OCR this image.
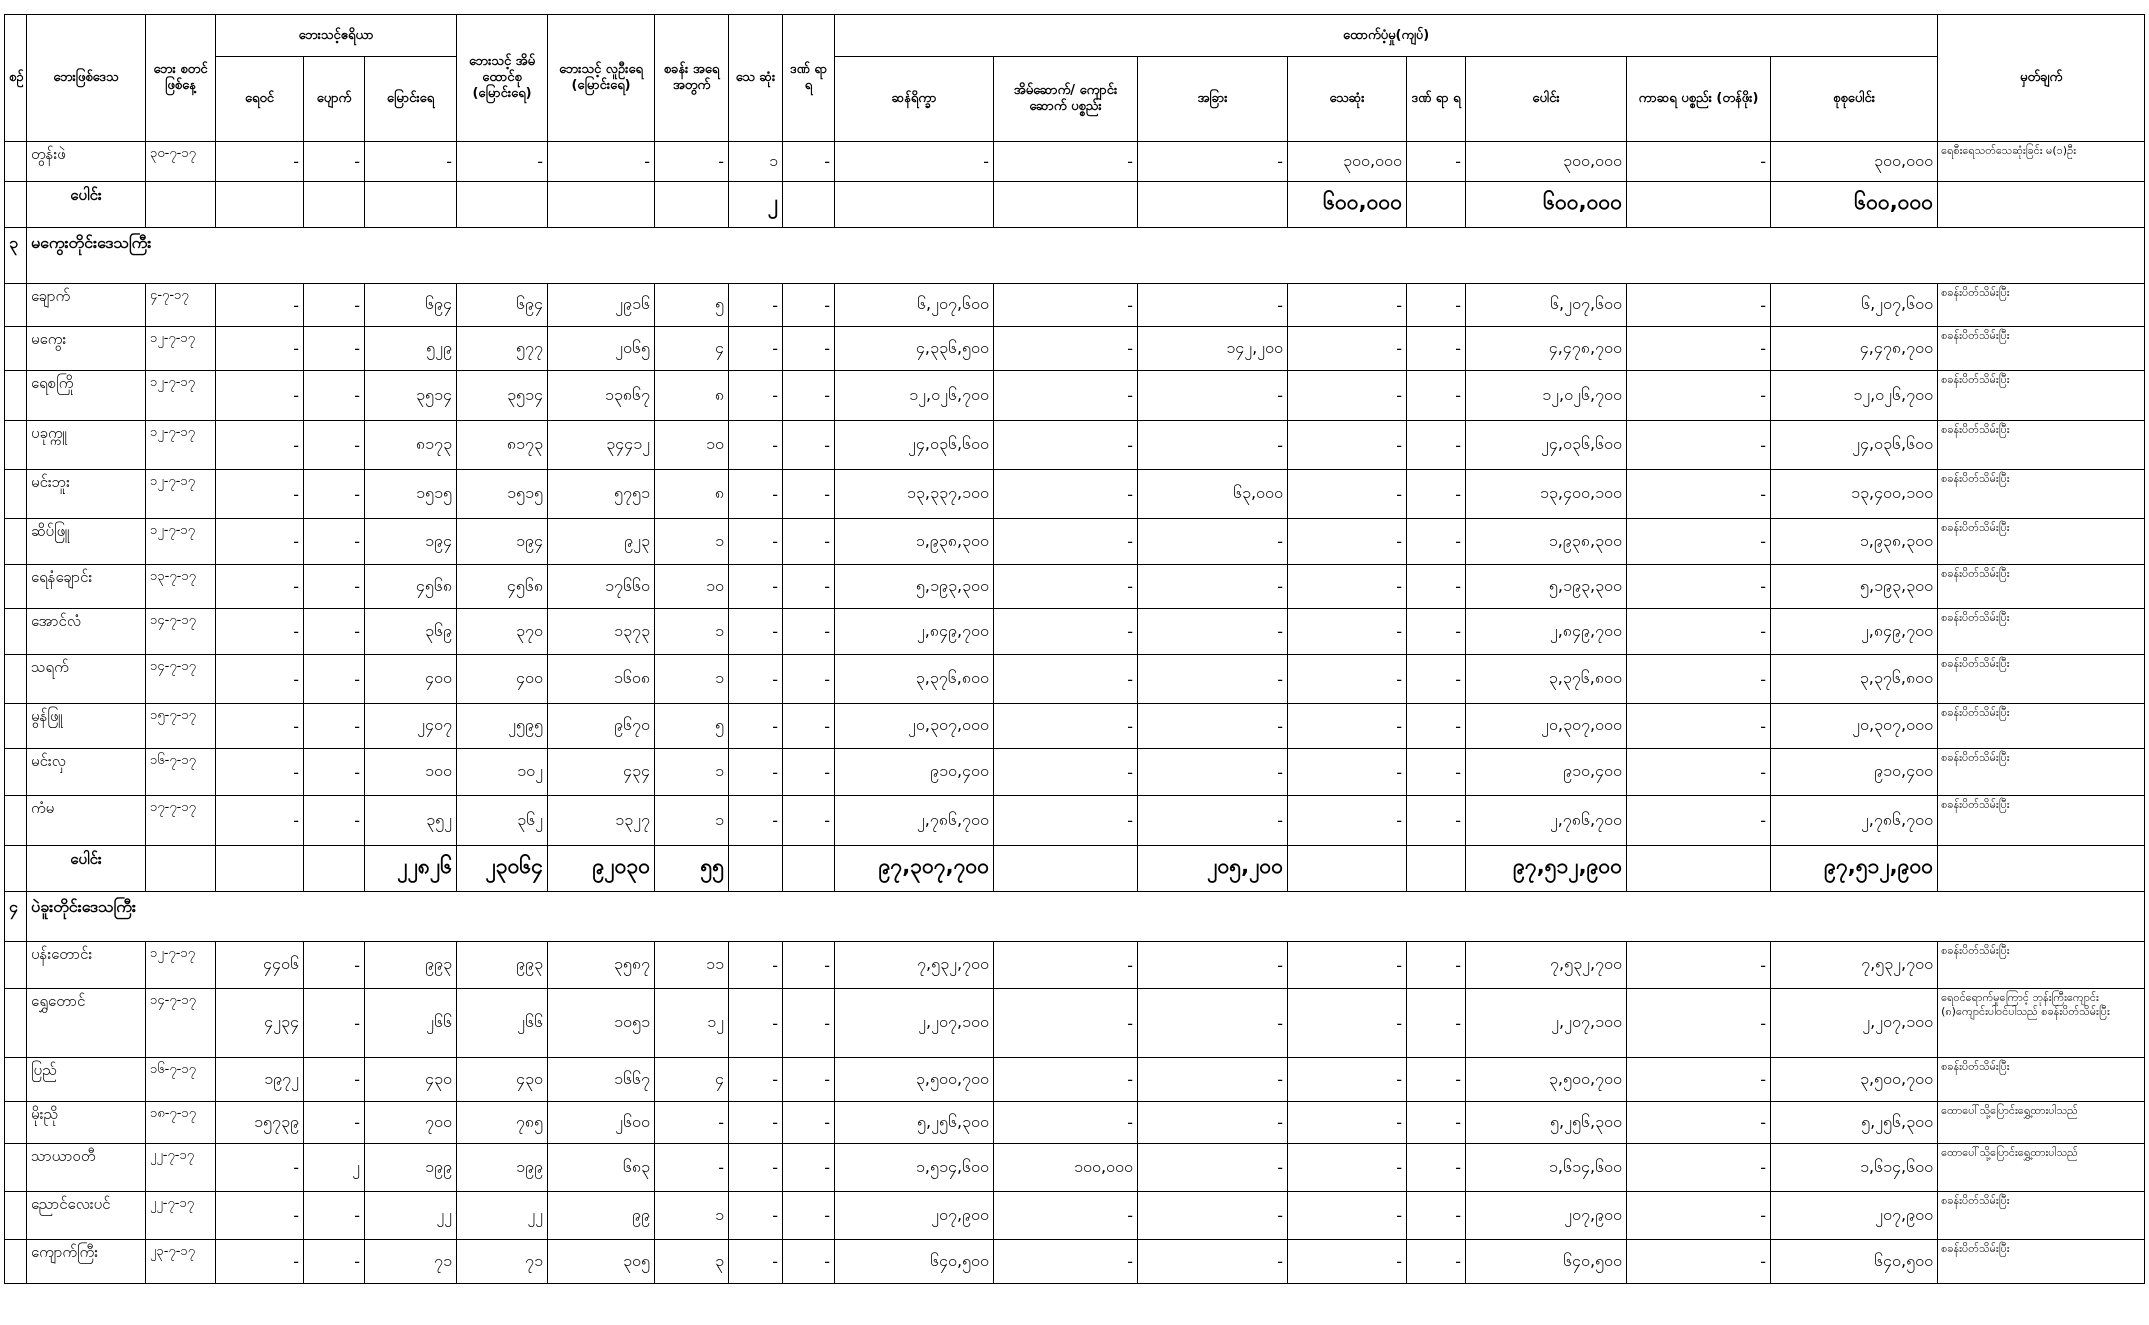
စဥ်	ဘေးဖြစ်ဒေသ	ဘေး စတင် ဖြစ်နေ့	ဘေးသင့်ဧရိယာ			ဘေးသင့် အိမ် ထောင်စု (မြောင်းရေ)	ဘေးသင့် လူဦးရေ (မြောင်းရေ)	စခန်း အရေ အတွက်	သေ ဆုံး	ဒဏ် ရာ ရ	ထောက်ပံ့မှု(ကျပ်)								မှတ်ချက်
			ရေဝင်	ပျောက်	မြောင်းရေ						ဆန်ရိက္ခာ	အိမ်ဆောက်/ ကျောင်းဆောက် ပစ္စည်း	အခြား	သေဆုံး	ဒဏ် ရာ ရ	ပေါင်း	ကာဆရ ပစ္စည်း (တန်ဖိုး)	စုစုပေါင်း	
	တွန်းဖဲ	၃၀-၇-၁၇	-	-	-	-	-	-	၁	-	-	-	-	၃၀၀,၀၀၀	-	၃၀၀,၀၀၀	-	၃၀၀,၀၀၀	ရေစီးရေသတ်သေဆုံးခြင်း မ(၁)ဦး
	ပေါင်း								၂					၆၀၀,၀၀၀		၆၀၀,၀၀၀		၆၀၀,၀၀၀	
၃	မကွေးတိုင်းဒေသကြီး																		
	ချောက်	၄-၇-၁၇	-	-	၆၉၄	၆၉၄	၂၉၁၆	၅	-	-	၆,၂၀၇,၆၀၀	-	-	-	-	၆,၂၀၇,၆၀၀	-	၆,၂၀၇,၆၀၀	စခန်းပိတ်သိမ်းပြီး
	မကွေး	၁၂-၇-၁၇	-	-	၅၂၉	၅၇၇	၂၀၆၅	၄	-	-	၄,၃၃၆,၅၀၀	-	၁၄၂,၂၀၀	-	-	၄,၄၇၈,၇၀၀	-	၄,၄၇၈,၇၀၀	စခန်းပိတ်သိမ်းပြီး
	ရေစကြို	၁၂-၇-၁၇	-	-	၃၅၁၄	၃၅၁၄	၁၃၈၆၇	၈	-	-	၁၂,၀၂၆,၇၀၀	-	-	-	-	၁၂,၀၂၆,၇၀၀	-	၁၂,၀၂၆,၇၀၀	စခန်းပိတ်သိမ်းပြီး
	ပခုက္ကူ	၁၂-၇-၁၇	-	-	၈၁၇၃	၈၁၇၃	၃၄၄၁၂	၁၀	-	-	၂၄,၀၃၆,၆၀၀	-	-	-	-	၂၄,၀၃၆,၆၀၀	-	၂၄,၀၃၆,၆၀၀	စခန်းပိတ်သိမ်းပြီး
	မင်းဘူး	၁၂-၇-၁၇	-	-	၁၅၁၅	၁၅၁၅	၅၇၅၁	၈	-	-	၁၃,၃၃၇,၁၀၀	-	၆၃,၀၀၀	-	-	၁၃,၄၀၀,၁၀၀	-	၁၃,၄၀၀,၁၀၀	စခန်းပိတ်သိမ်းပြီး
	ဆိပ်ဖြူ	၁၂-၇-၁၇	-	-	၁၉၄	၁၉၄	၉၂၃	၁	-	-	၁,၉၃၈,၃၀၀	-	-	-	-	၁,၉၃၈,၃၀၀	-	၁,၉၃၈,၃၀၀	စခန်းပိတ်သိမ်းပြီး
	ရေနံချောင်း	၁၃-၇-၁၇	-	-	၄၅၆၈	၄၅၆၈	၁၇၆၆၀	၁၀	-	-	၅,၁၉၃,၃၀၀	-	-	-	-	၅,၁၉၃,၃၀၀	-	၅,၁၉၃,၃၀၀	စခန်းပိတ်သိမ်းပြီး
	အောင်လံ	၁၄-၇-၁၇	-	-	၃၆၉	၃၇၀	၁၃၇၃	၁	-	-	၂,၈၄၉,၇၀၀	-	-	-	-	၂,၈၄၉,၇၀၀	-	၂,၈၄၉,၇၀၀	စခန်းပိတ်သိမ်းပြီး
	သရက်	၁၄-၇-၁၇	-	-	၄၀၀	၄၀၀	၁၆၀၈	၁	-	-	၃,၃၇၆,၈၀၀	-	-	-	-	၃,၃၇၆,၈၀၀	-	၃,၃၇၆,၈၀၀	စခန်းပိတ်သိမ်းပြီး
	မွန်ဖြူ	၁၅-၇-၁၇	-	-	၂၄၀၇	၂၅၉၅	၉၆၇၀	၅	-	-	၂၀,၃၀၇,၀၀၀	-	-	-	-	၂၀,၃၀၇,၀၀၀	-	၂၀,၃၀၇,၀၀၀	စခန်းပိတ်သိမ်းပြီး
	မင်းလှ	၁၆-၇-၁၇	-	-	၁၀၀	၁၀၂	၄၃၄	၁	-	-	၉၁၀,၄၀၀	-	-	-	-	၉၁၀,၄၀၀	-	၉၁၀,၄၀၀	စခန်းပိတ်သိမ်းပြီး
	ကံမ	၁၇-၇-၁၇	-	-	၃၅၂	၃၆၂	၁၃၂၇	၁	-	-	၂,၇၈၆,၇၀၀	-	-	-	-	၂,၇၈၆,၇၀၀	-	၂,၇၈၆,၇၀၀	စခန်းပိတ်သိမ်းပြီး
	ပေါင်း				၂၂၈၂၆	၂၃၀၆၄	၉၂၀၃၀	၅၅			၉၇,၃၀၇,၇၀၀		၂၀၅,၂၀၀			၉၇,၅၁၂,၉၀၀		၉၇,၅၁၂,၉၀၀	
၄	ပဲခူးတိုင်းဒေသကြီး																		
	ပန်းတောင်း	၁၂-၇-၁၇	၄၄၀၆	-	၉၉၃	၉၉၃	၃၅၈၇	၁၁	-	-	၇,၅၃၂,၇၀၀	-	-	-	-	၇,၅၃၂,၇၀၀	-	၇,၅၃၂,၇၀၀	စခန်းပိတ်သိမ်းပြီး
	ရွှေတောင်	၁၄-၇-၁၇	၄၂၃၄	-	၂၆၆	၂၆၆	၁၀၅၁	၁၂	-	-	၂,၂၀၇,၁၀၀	-	-	-	-	၂,၂၀၇,၁၀၀	-	၂,၂၀၇,၁၀၀	ရေဝင်ရောက်မှုကြောင့် ဘုန်းကြီးကျောင်း (၈)ကျောင်းပါဝင်ပါသည် စခန်းပိတ်သိမ်းပြီး
	ပြည်	၁၆-၇-၁၇	၁၉၇၂	-	၄၃၀	၄၃၀	၁၆၆၇	၄	-	-	၃,၅၀၀,၇၀၀	-	-	-	-	၃,၅၀၀,၇၀၀	-	၃,၅၀၀,၇၀၀	စခန်းပိတ်သိမ်းပြီး
	မိုးညို	၁၈-၇-၁၇	၁၅၇၃၉	-	၇၀၀	၇၈၅	၂၆၀၀	-	-	-	၅,၂၅၆,၃၀၀	-	-	-	-	၅,၂၅၆,၃၀၀	-	၅,၂၅၆,၃၀၀	ထောပေါ်သို့ပြောင်းရွှေ့ထားပါသည်
	သာယာဝတီ	၂၂-၇-၁၇	-	၂	၁၉၉	၁၉၉	၆၈၃	-	-	-	၁,၅၁၄,၆၀၀	၁၀၀,၀၀၀	-	-	-	၁,၆၁၄,၆၀၀	-	၁,၆၁၄,၆၀၀	ထောပေါ်သို့ပြောင်းရွှေ့ထားပါသည်
	ညောင်လေးပင်	၂၂-၇-၁၇	-	-	၂၂	၂၂	၉၉	၁	-	-	၂၀၇,၉၀၀	-	-	-	-	၂၀၇,၉၀၀	-	၂၀၇,၉၀၀	စခန်းပိတ်သိမ်းပြီး
	ကျောက်ကြီး	၂၃-၇-၁၇	-	-	၇၁	၇၁	၃၀၅	၃	-	-	၆၄၀,၅၀၀	-	-	-	-	၆၄၀,၅၀၀	-	၆၄၀,၅၀၀	စခန်းပိတ်သိမ်းပြီး
